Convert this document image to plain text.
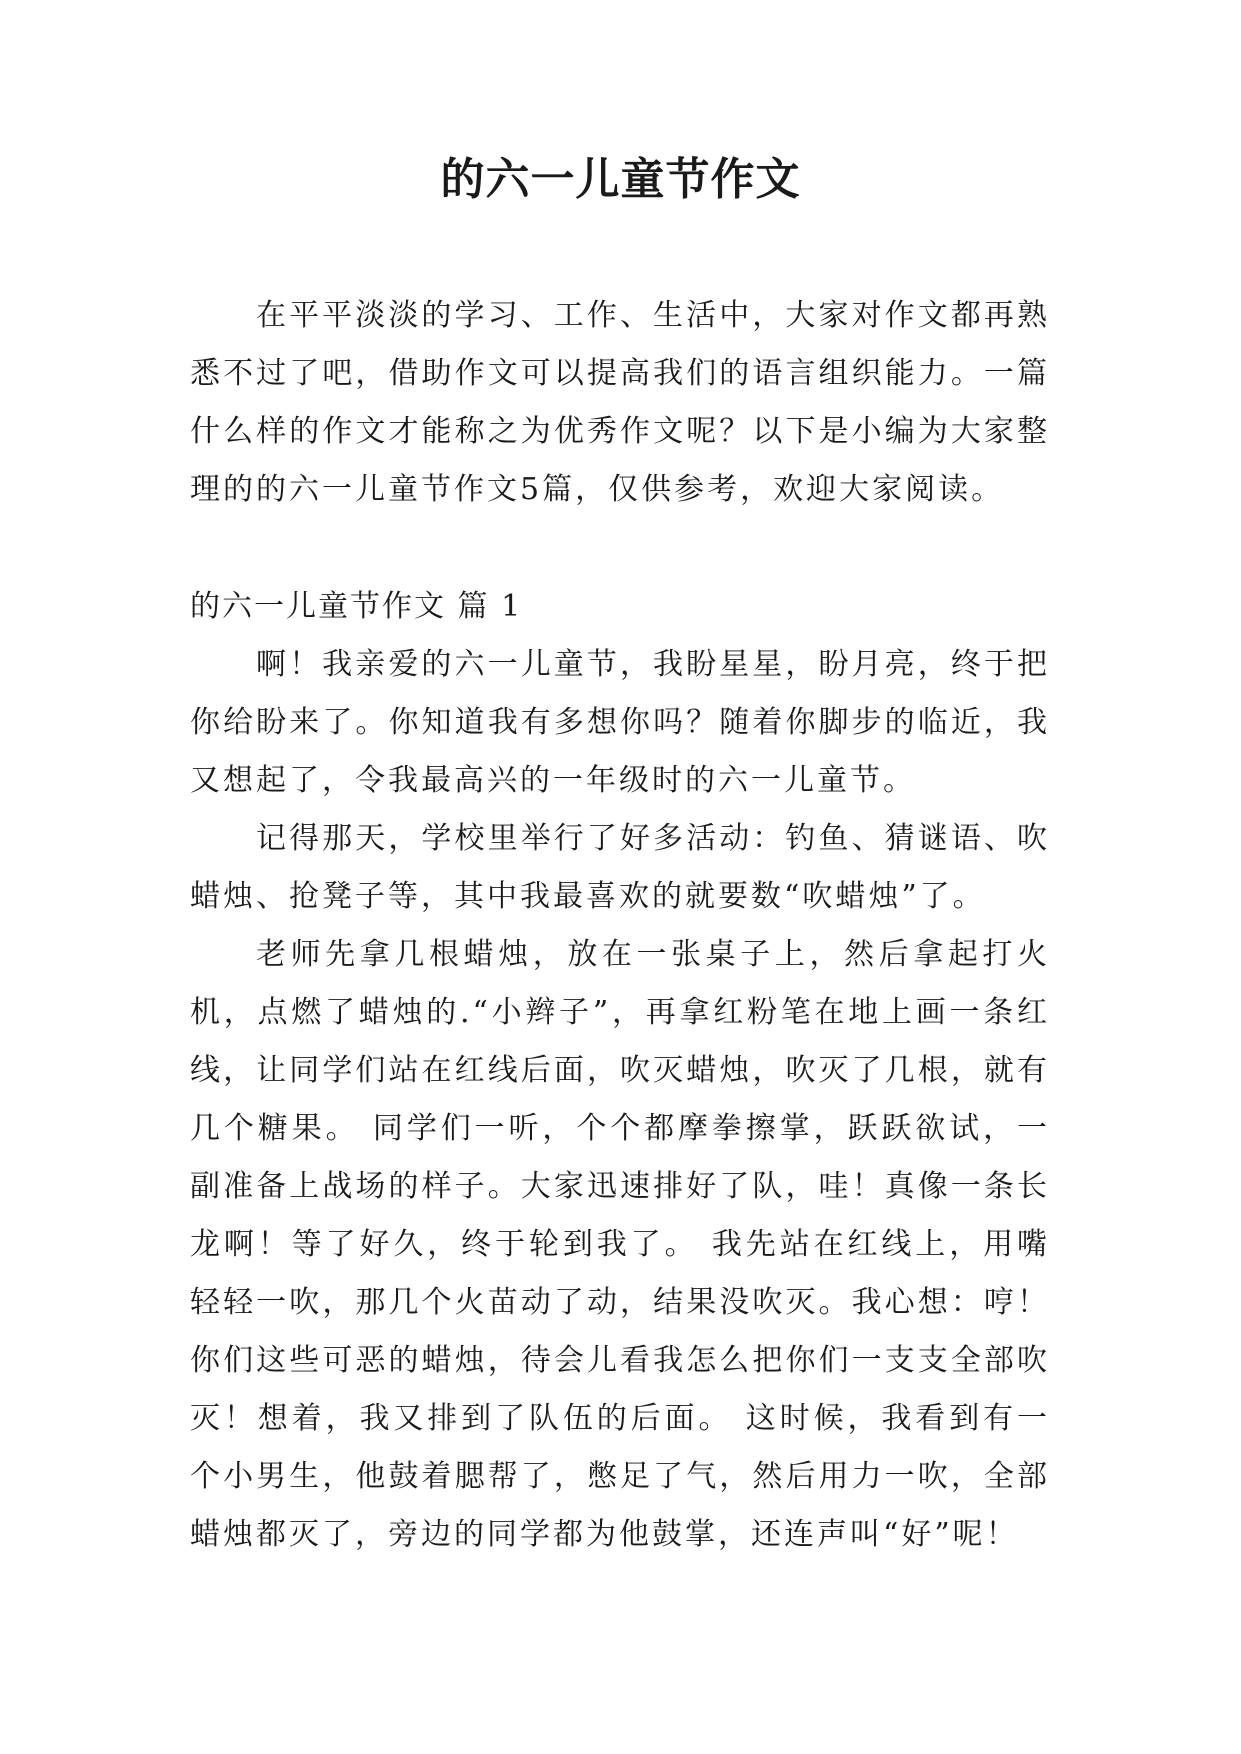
的六一儿童节作文

在平平淡淡的学习、工作、生活中，大家对作文都再熟悉不过了吧，借助作文可以提高我们的语言组织能力。一篇什么样的作文才能称之为优秀作文呢？以下是小编为大家整理的的六一儿童节作文5篇，仅供参考，欢迎大家阅读。

的六一儿童节作文 篇 1

啊！我亲爱的六一儿童节，我盼星星，盼月亮，终于把你给盼来了。你知道我有多想你吗？随着你脚步的临近，我又想起了，令我最高兴的一年级时的六一儿童节。

记得那天，学校里举行了好多活动：钓鱼、猜谜语、吹蜡烛、抢凳子等，其中我最喜欢的就要数“吹蜡烛”了。

老师先拿几根蜡烛，放在一张桌子上，然后拿起打火机，点燃了蜡烛的.“小辫子”，再拿红粉笔在地上画一条红线，让同学们站在红线后面，吹灭蜡烛，吹灭了几根，就有几个糖果。 同学们一听，个个都摩拳擦掌，跃跃欲试，一副准备上战场的样子。大家迅速排好了队，哇！真像一条长龙啊！等了好久，终于轮到我了。 我先站在红线上，用嘴轻轻一吹，那几个火苗动了动，结果没吹灭。我心想：哼！你们这些可恶的蜡烛，待会儿看我怎么把你们一支支全部吹灭！想着，我又排到了队伍的后面。 这时候，我看到有一个小男生，他鼓着腮帮了，憋足了气，然后用力一吹，全部蜡烛都灭了，旁边的同学都为他鼓掌，还连声叫“好”呢！
